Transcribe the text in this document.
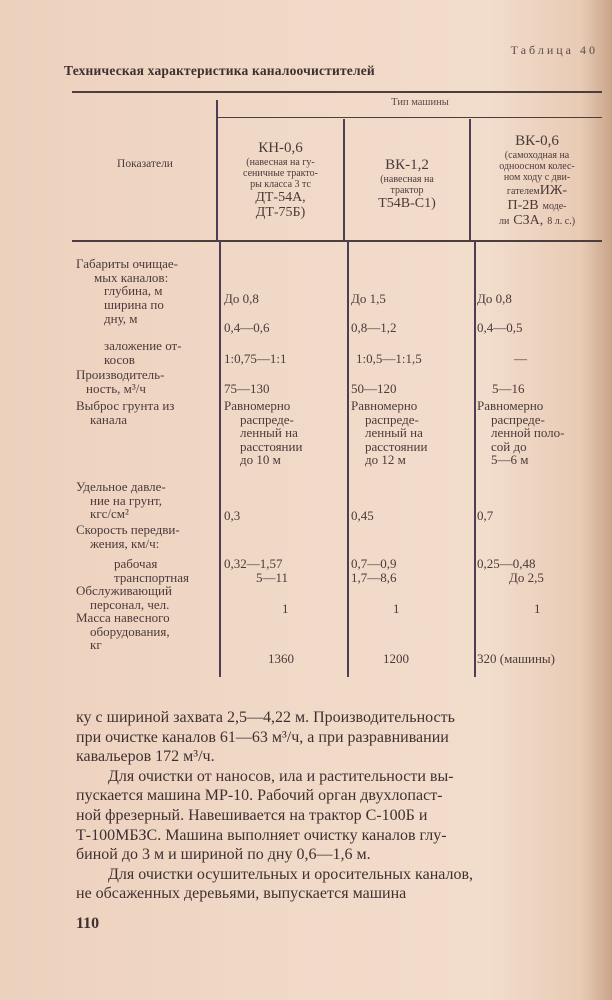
Таблица 40
Техническая характеристика каналоочистителей
Тип машины
Показатели
КН-0,6
(навесная на гу-
сеничные тракто-
ры класса 3 тс
ДТ-54А,
ДТ-75Б)
ВК-1,2
(навесная на
трактор
Т54В-С1)
ВК-0,6
(самоходная на
одноосном колес-
ном ходу с дви-
гателемИЖ-
П-2В моде-
ли СЗА, 8 л. с.)
Габариты очищае-
мых каналов:
глубина, м
ширина по
дну, м
заложение от-
косов
Производитель-
ность, м³/ч
Выброс грунта из
канала
Удельное давле-
ние на грунт,
кгс/см²
Скорость передви-
жения, км/ч:
рабочая
транспортная
Обслуживающий
персонал, чел.
Масса навесного
оборудования,
кг
До 0,8
0,4—0,6
1:0,75—1:1
75—130
Равномерно
распреде-
ленный на
расстоянии
до 10 м
0,3
0,32—1,57
5—11
1
1360
До 1,5
0,8—1,2
1:0,5—1:1,5
50—120
Равномерно
распреде-
ленный на
расстоянии
до 12 м
0,45
0,7—0,9
1,7—8,6
1
1200
До 0,8
0,4—0,5
—
5—16
Равномерно
распреде-
ленной поло-
сой до
5—6 м
0,7
0,25—0,48
До 2,5
1
320 (машины)

ку с шириной захвата 2,5—4,22 м. Производительность

при очистке каналов 61—63 м³/ч, а при разравнивании

кавальеров 172 м³/ч.

Для очистки от наносов, ила и растительности вы-

пускается машина МР-10. Рабочий орган двухлопаст-

ной фрезерный. Навешивается на трактор С-100Б и

Т-100МБЗС. Машина выполняет очистку каналов глу-

биной до 3 м и шириной по дну 0,6—1,6 м.

Для очистки осушительных и оросительных каналов,

не обсаженных деревьями, выпускается машина

110
